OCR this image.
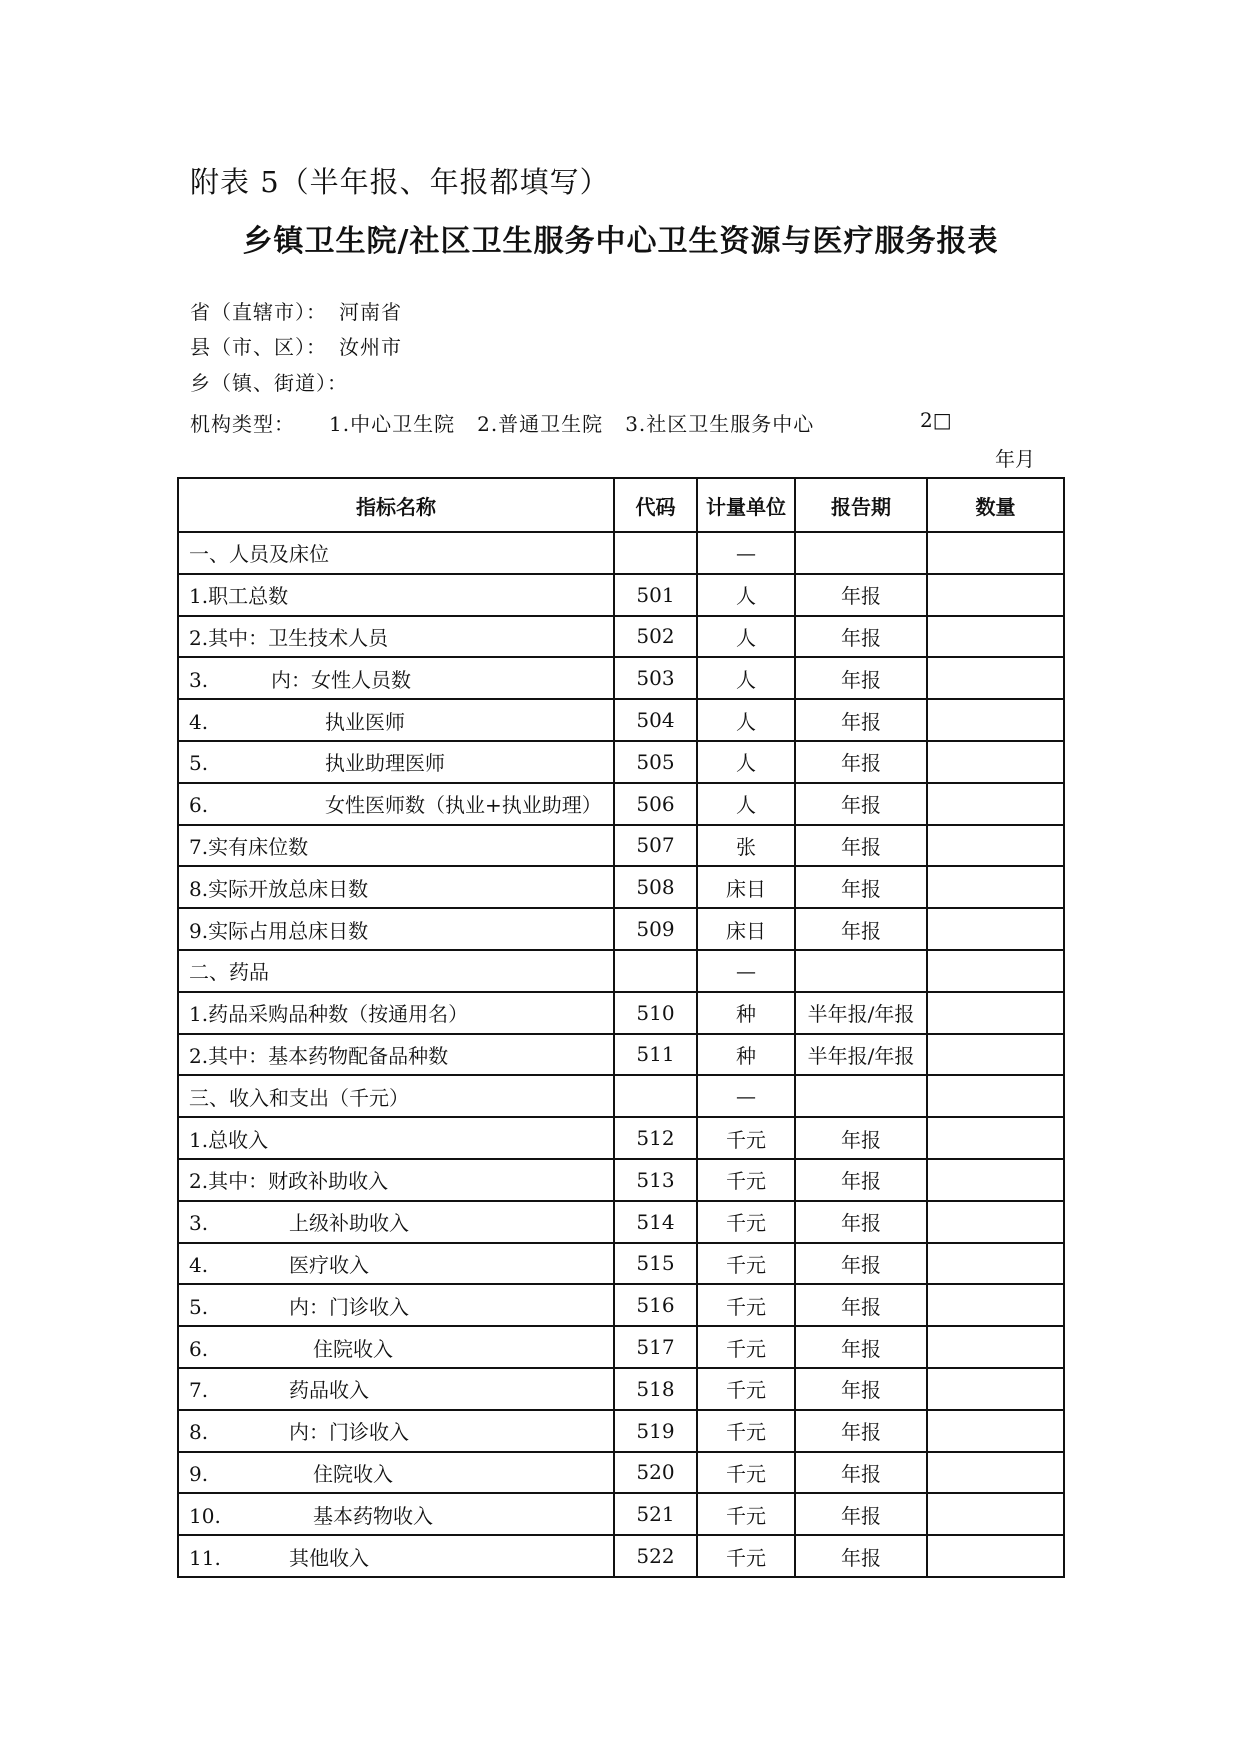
附表 5（半年报、年报都填写）
乡镇卫生院/社区卫生服务中心卫生资源与医疗服务报表
省（直辖市）： 河南省
县（市、区）： 汝州市
乡（镇、街道）：
机构类型： 1.中心卫生院 2.普通卫生院 3.社区卫生服务中心	2□
年月
指标名称	代码	计量单位	报告期	数量
一、人员及床位		—		
1.职工总数	501	人	年报	
2.其中：卫生技术人员	502	人	年报	
3. 内：女性人员数	503	人	年报	
4. 执业医师	504	人	年报	
5. 执业助理医师	505	人	年报	
6. 女性医师数（执业+执业助理）	506	人	年报	
7.实有床位数	507	张	年报	
8.实际开放总床日数	508	床日	年报	
9.实际占用总床日数	509	床日	年报	
二、药品		—		
1.药品采购品种数（按通用名）	510	种	半年报/年报	
2.其中：基本药物配备品种数	511	种	半年报/年报	
三、收入和支出（千元）		—		
1.总收入	512	千元	年报	
2.其中：财政补助收入	513	千元	年报	
3. 上级补助收入	514	千元	年报	
4. 医疗收入	515	千元	年报	
5. 内：门诊收入	516	千元	年报	
6. 住院收入	517	千元	年报	
7. 药品收入	518	千元	年报	
8. 内：门诊收入	519	千元	年报	
9. 住院收入	520	千元	年报	
10. 基本药物收入	521	千元	年报	
11. 其他收入	522	千元	年报	
